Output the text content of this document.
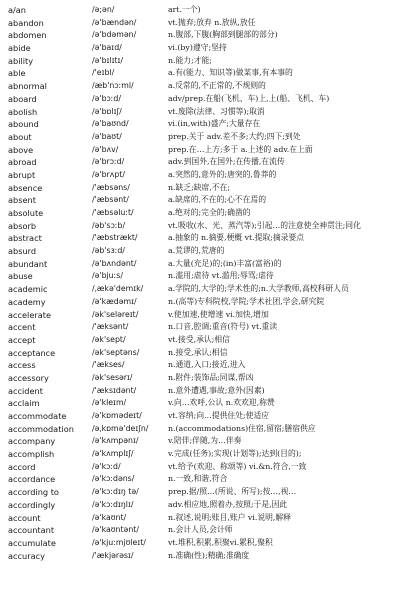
a/an	/ə;ən/	art.一个)
abandon	/ə'bændən/	vt.抛弃;放弃 n.放纵,放任
abdomen	/ə'bdəmən/	n.腹部,下腹(胸部到腿部的部分)
abide	/ə'baɪd/	vi.(by)遵守;坚持
ability	/ə'bɪlɪtɪ/	n.能力;才能;
able	/'eɪbl/	a.有(能力、知识等)做某事,有本事的
abnormal	/æb'nɔːml/	a.反常的,不正常的,不规则的
aboard	/ə'bɔːd/	adv/prep.在船(飞机、车)上,上(船、飞机、车)
abolish	/ə'bɒlɪʃ/	vt.废除(法律、习惯等);取消
abound	/ə'baʊnd/	vi.(in,with)盛产;大量存在
about	/ə'baʊt/	prep.关于 adv.差不多;大约;四下;到处
above	/ə'bʌv/	prep.在…上方;多于 a.上述的 adv.在上面
abroad	/ə'brɔːd/	adv.到国外,在国外;在传播,在流传
abrupt	/ə'brʌpt/	a.突然的,意外的;唐突的,鲁莽的
absence	/'æbsəns/	n.缺乏;缺席,不在;
absent	/'æbsənt/	a.缺席的,不在的;心不在焉的
absolute	/'æbsəluːt/	a.绝对的;完全的;确凿的
absorb	/əb'sɔːb/	vt.吸收(水、光、蒸汽等);引起…的注意使全神贯注;同化
abstract	/'æbstrækt/	a.抽象的 n.摘要,梗概 vt.提取;摘录要点
absurd	/əb'sɜːd/	a.荒谬的,荒唐的
abundant	/ə'bʌndənt/	a.大量(充足)的;(in)丰富(富裕)的
abuse	/ə'bjuːs/	n.滥用;虐待 vt.滥用;辱骂;虐待
academic	/ˌækə'demɪk/	a.学院的,大学的;学术性的;n.大学教师,高校科研人员
academy	/ə'kædəmɪ/	n.(高等)专科院校,学院;学术社团,学会,研究院
accelerate	/ək'seləreɪt/	v.使加速,使增速 vi.加快,增加
accent	/'æksənt/	n.口音,腔调;重音(符号) vt.重读
accept	/ək'sept/	vt.接受,承认;相信
acceptance	/ək'septəns/	n.接受,承认;相信
access	/'ækses/	n.通道,入口;接近,进入
accessory	/ək'sesərɪ/	n.附件;装饰品;同谋,帮凶
accident	/'æksɪdənt/	n.意外遭遇,事故;意外(因素)
acclaim	/ə'kleɪm/	v.向…欢呼,公认 n.欢欢迎,称赞
accommodate	/ə'kɒmədeɪt/	vt.容纳;向…提供住处;使适应
accommodation	/əˌkɒmə'deɪʃn/	n.(accommodations)住宿,留宿;膳宿供应
accompany	/ə'kʌmpənɪ/	v.陪伴;伴随,为…伴奏
accomplish	/ə'kʌmplɪʃ/	v.完成(任务);实现(计划等);达到(目的);
accord	/ə'kɔːd/	vt.给予(欢迎、称颂等) vi.&n.符合,一致
accordance	/ə'kɔːdəns/	n.一致,和谐,符合
according to	/ə'kɔːdɪŋ tə/	prep.据/照…(所说、所写);按…,视…
accordingly	/ə'kɔːdɪŋlɪ/	adv.相应地,照着办,按照;于是,因此
account	/ə'kaʊnt/	n.叙述,说明;账目,账户 vi.说明,解释
accountant	/ə'kaʊntənt/	n.会计人员,会计师
accumulate	/ə'kjuːmjʊleɪt/	vt.堆积,积累,积聚vi.累积,聚积
accuracy	/'ækjərəsɪ/	n.准确(性);精确;准确度
